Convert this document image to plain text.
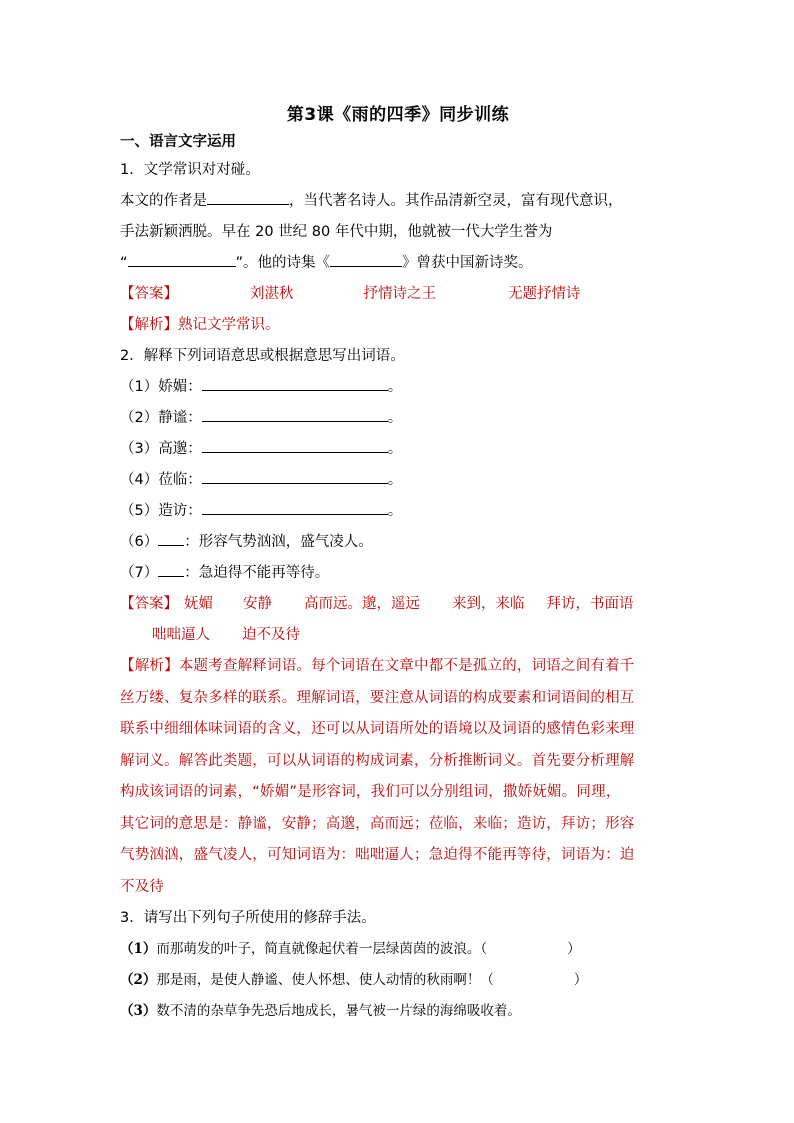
第3课《雨的四季》同步训练
一、语言文字运用
1．文学常识对对碰。
本文的作者是	，当代著名诗人。其作品清新空灵，富有现代意识，
手法新颖洒脱。早在 20 世纪 80 年代中期，他就被一代大学生誉为
“	”。他的诗集《	》曾获中国新诗奖。
【答案】	刘湛秋	抒情诗之王	无题抒情诗
【解析】熟记文学常识。
2．解释下列词语意思或根据意思写出词语。
（1）娇媚：	。
（2）静谧：	。
（3）高邈：	。
（4）莅临：	。
（5）造访：	。
（6） ：形容气势汹汹，盛气凌人。
（7） ：急迫得不能再等待。
【答案】 妩媚 安静 高而远。邈，遥远 来到，来临 拜访，书面语
咄咄逼人 迫不及待
【解析】本题考查解释词语。每个词语在文章中都不是孤立的，词语之间有着千
丝万缕、复杂多样的联系。理解词语，要注意从词语的构成要素和词语间的相互
联系中细细体味词语的含义，还可以从词语所处的语境以及词语的感情色彩来理
解词义。解答此类题，可以从词语的构成词素，分析推断词义。首先要分析理解
构成该词语的词素，“娇媚”是形容词，我们可以分别组词，撒娇妩媚。同理，
其它词的意思是：静谧，安静；高邈，高而远；莅临，来临；造访，拜访；形容
气势汹汹，盛气凌人，可知词语为：咄咄逼人；急迫得不能再等待，词语为：迫
不及待
3．请写出下列句子所使用的修辞手法。
（1）而那萌发的叶子，简直就像起伏着一层绿茵茵的波浪。（	）
（2）那是雨，是使人静谧、使人怀想、使人动情的秋雨啊！（	）
（3）数不清的杂草争先恐后地成长，暑气被一片绿的海绵吸收着。
